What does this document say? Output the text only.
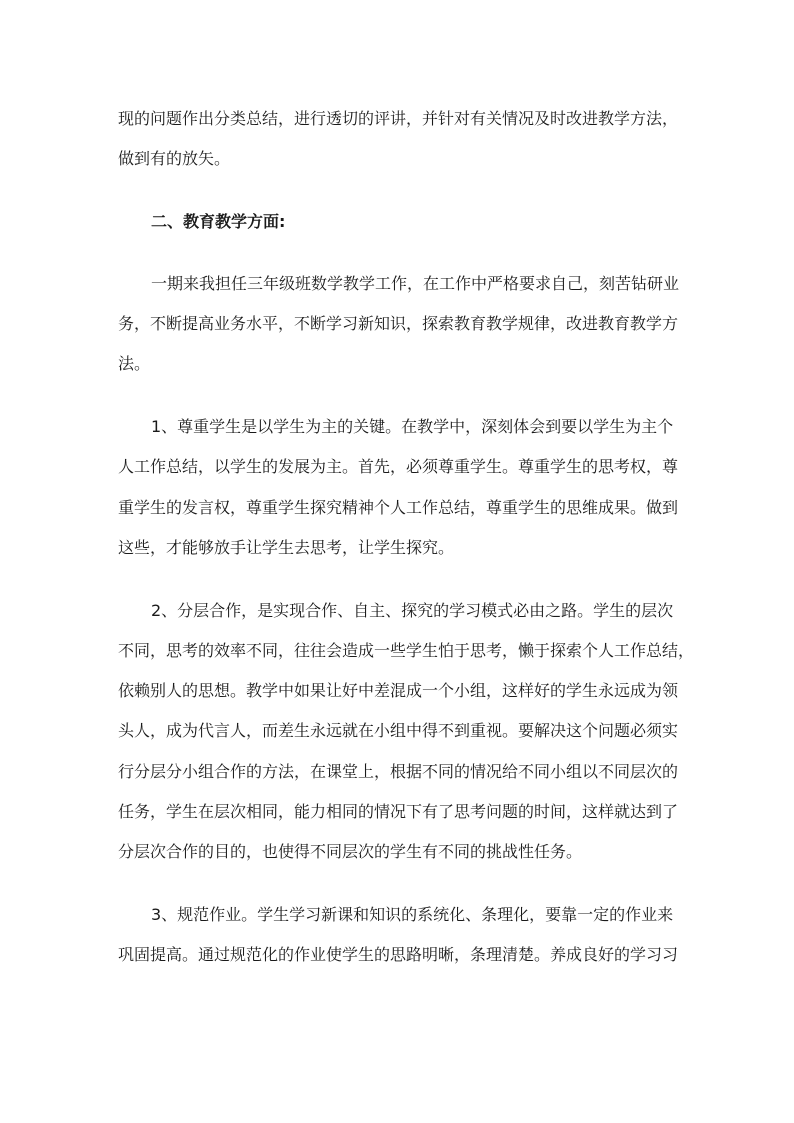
现的问题作出分类总结，进行透切的评讲，并针对有关情况及时改进教学方法，
做到有的放矢。
二、教育教学方面:
一期来我担任三年级班数学教学工作，在工作中严格要求自己，刻苦钻研业
务，不断提高业务水平，不断学习新知识，探索教育教学规律，改进教育教学方
法。
1、尊重学生是以学生为主的关键。在教学中，深刻体会到要以学生为主个
人工作总结，以学生的发展为主。首先，必须尊重学生。尊重学生的思考权，尊
重学生的发言权，尊重学生探究精神个人工作总结，尊重学生的思维成果。做到
这些，才能够放手让学生去思考，让学生探究。
2、分层合作，是实现合作、自主、探究的学习模式必由之路。学生的层次
不同，思考的效率不同，往往会造成一些学生怕于思考，懒于探索个人工作总结，
依赖别人的思想。教学中如果让好中差混成一个小组，这样好的学生永远成为领
头人，成为代言人，而差生永远就在小组中得不到重视。要解决这个问题必须实
行分层分小组合作的方法，在课堂上，根据不同的情况给不同小组以不同层次的
任务，学生在层次相同，能力相同的情况下有了思考问题的时间，这样就达到了
分层次合作的目的，也使得不同层次的学生有不同的挑战性任务。
3、规范作业。学生学习新课和知识的系统化、条理化，要靠一定的作业来
巩固提高。通过规范化的作业使学生的思路明晰，条理清楚。养成良好的学习习
